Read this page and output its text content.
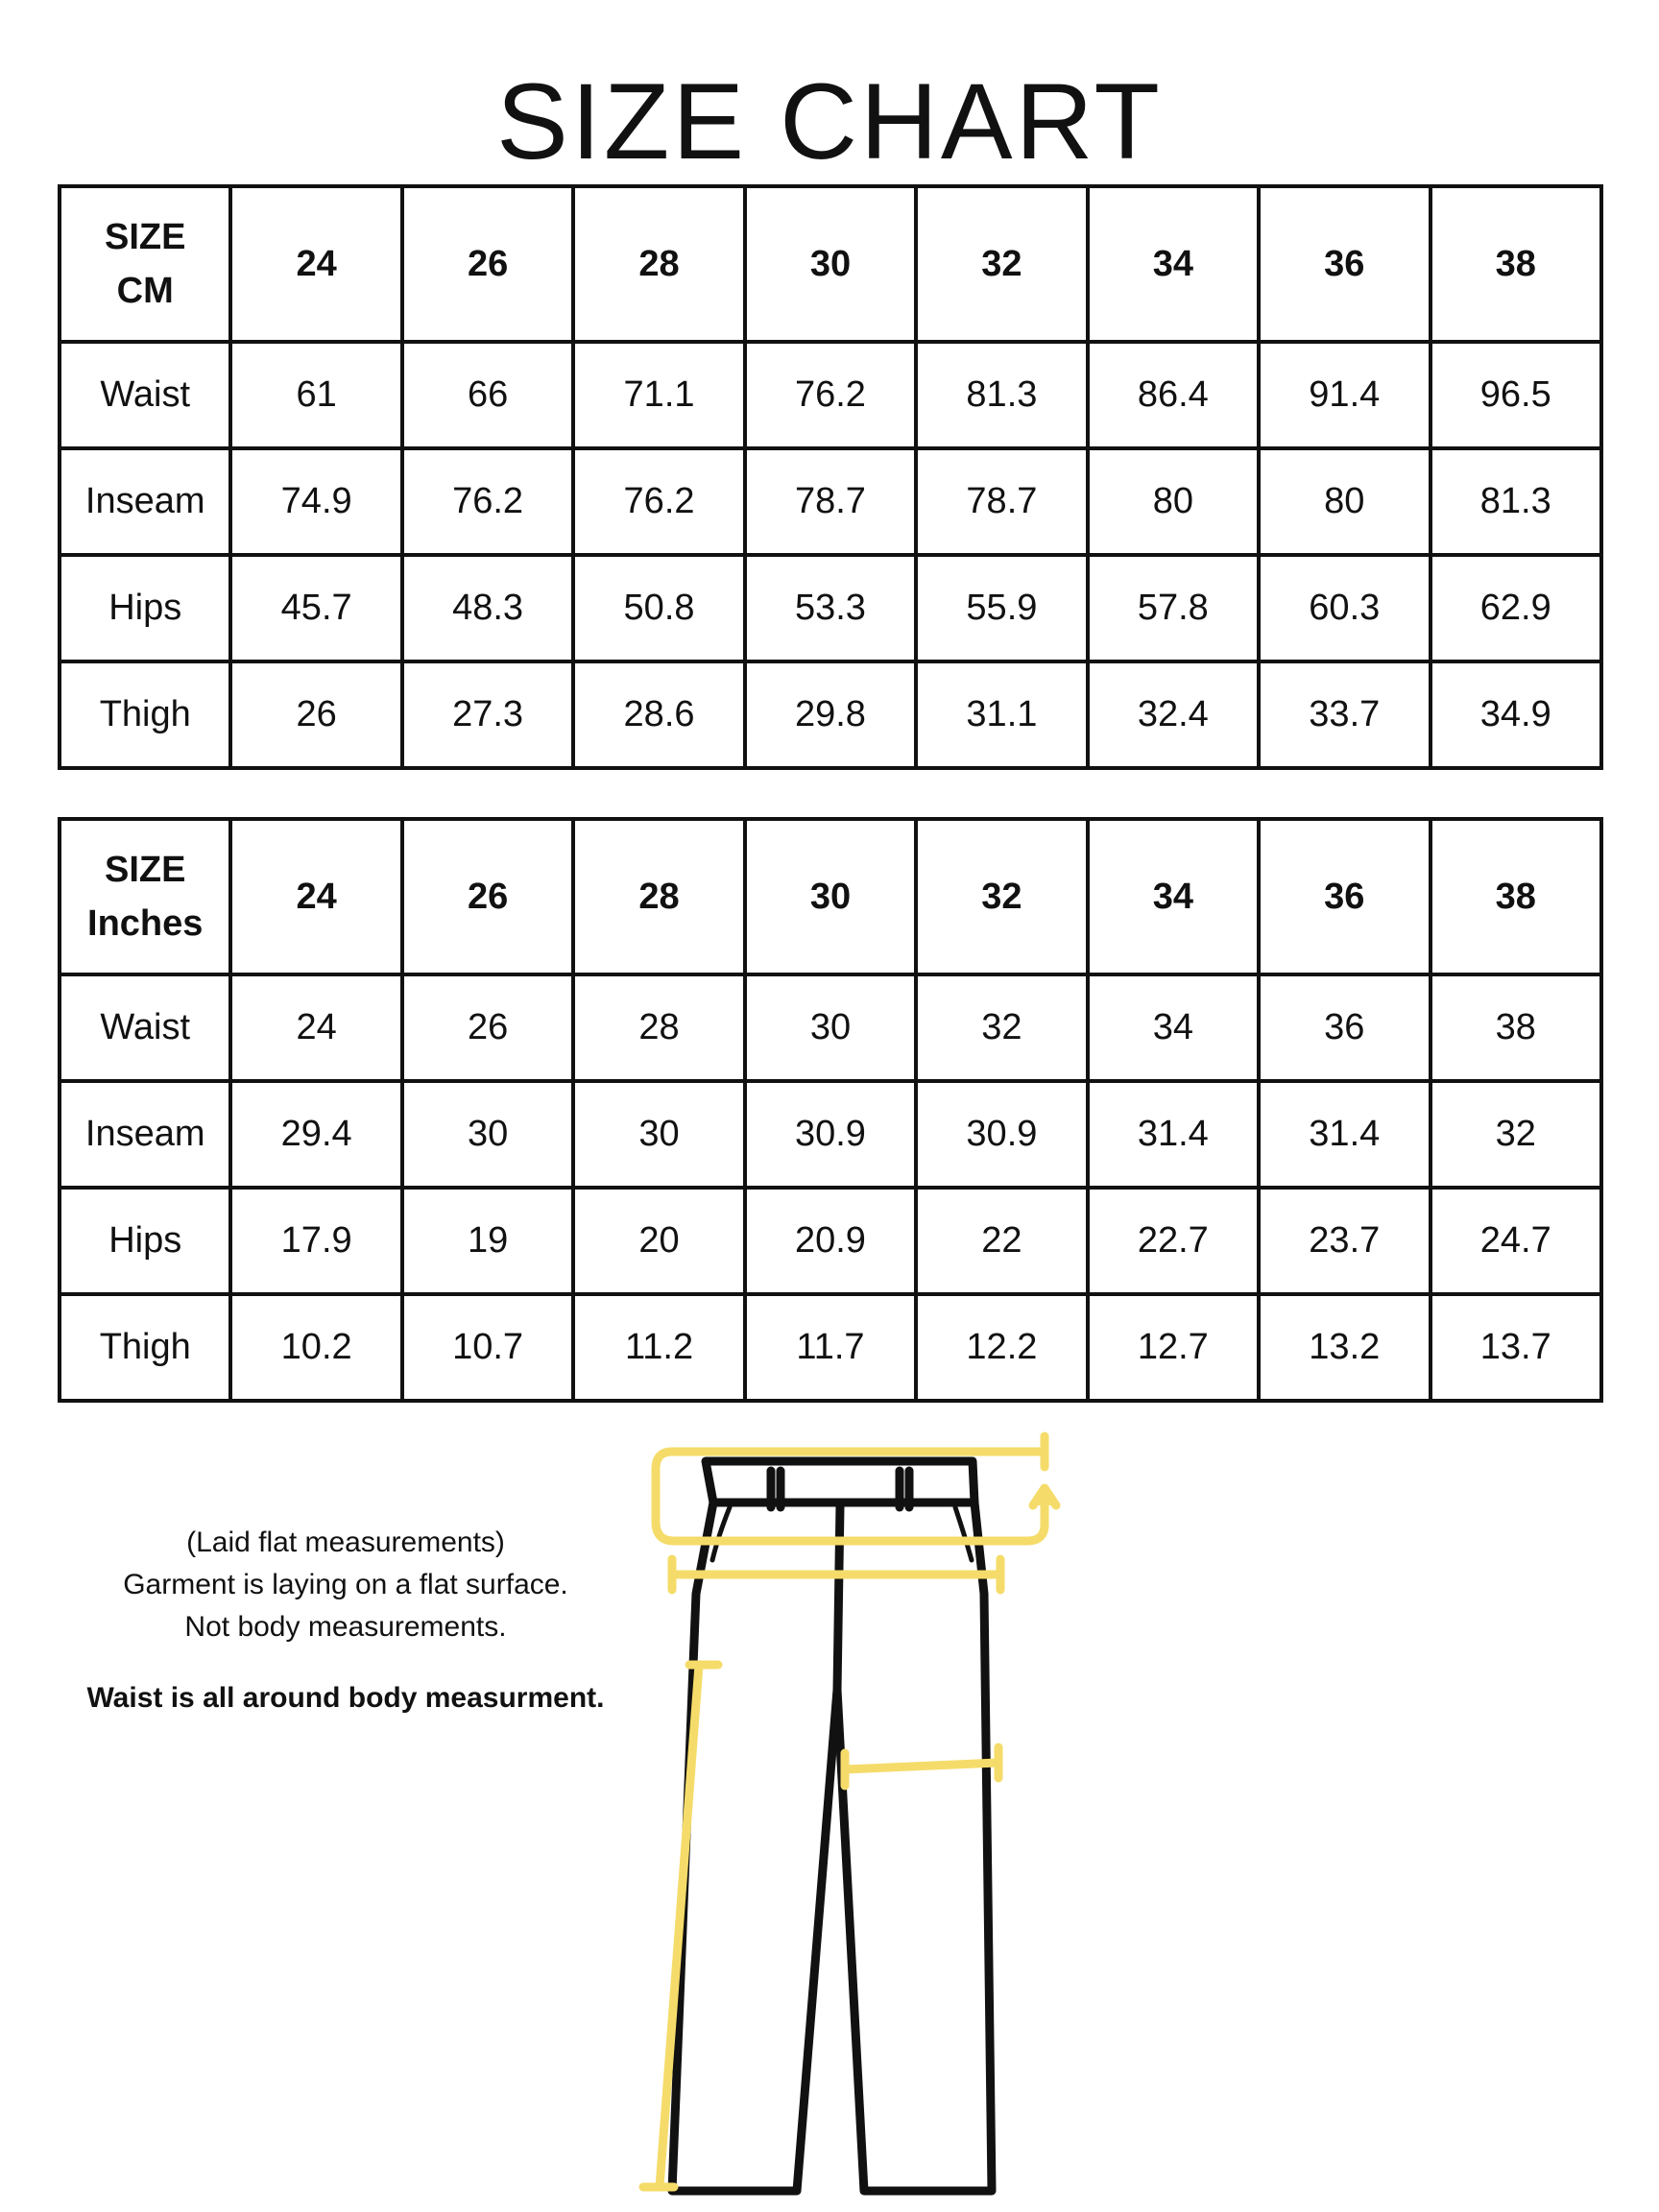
SIZE CHART
SIZE
CM	24	26	28	30	32	34	36	38
Waist	61	66	71.1	76.2	81.3	86.4	91.4	96.5
Inseam	74.9	76.2	76.2	78.7	78.7	80	80	81.3
Hips	45.7	48.3	50.8	53.3	55.9	57.8	60.3	62.9
Thigh	26	27.3	28.6	29.8	31.1	32.4	33.7	34.9
SIZE
Inches	24	26	28	30	32	34	36	38
Waist	24	26	28	30	32	34	36	38
Inseam	29.4	30	30	30.9	30.9	31.4	31.4	32
Hips	17.9	19	20	20.9	22	22.7	23.7	24.7
Thigh	10.2	10.7	11.2	11.7	12.2	12.7	13.2	13.7

(Laid flat measurements)

Garment is laying on a flat surface.

Not body measurements.

Waist is all around body measurment.
